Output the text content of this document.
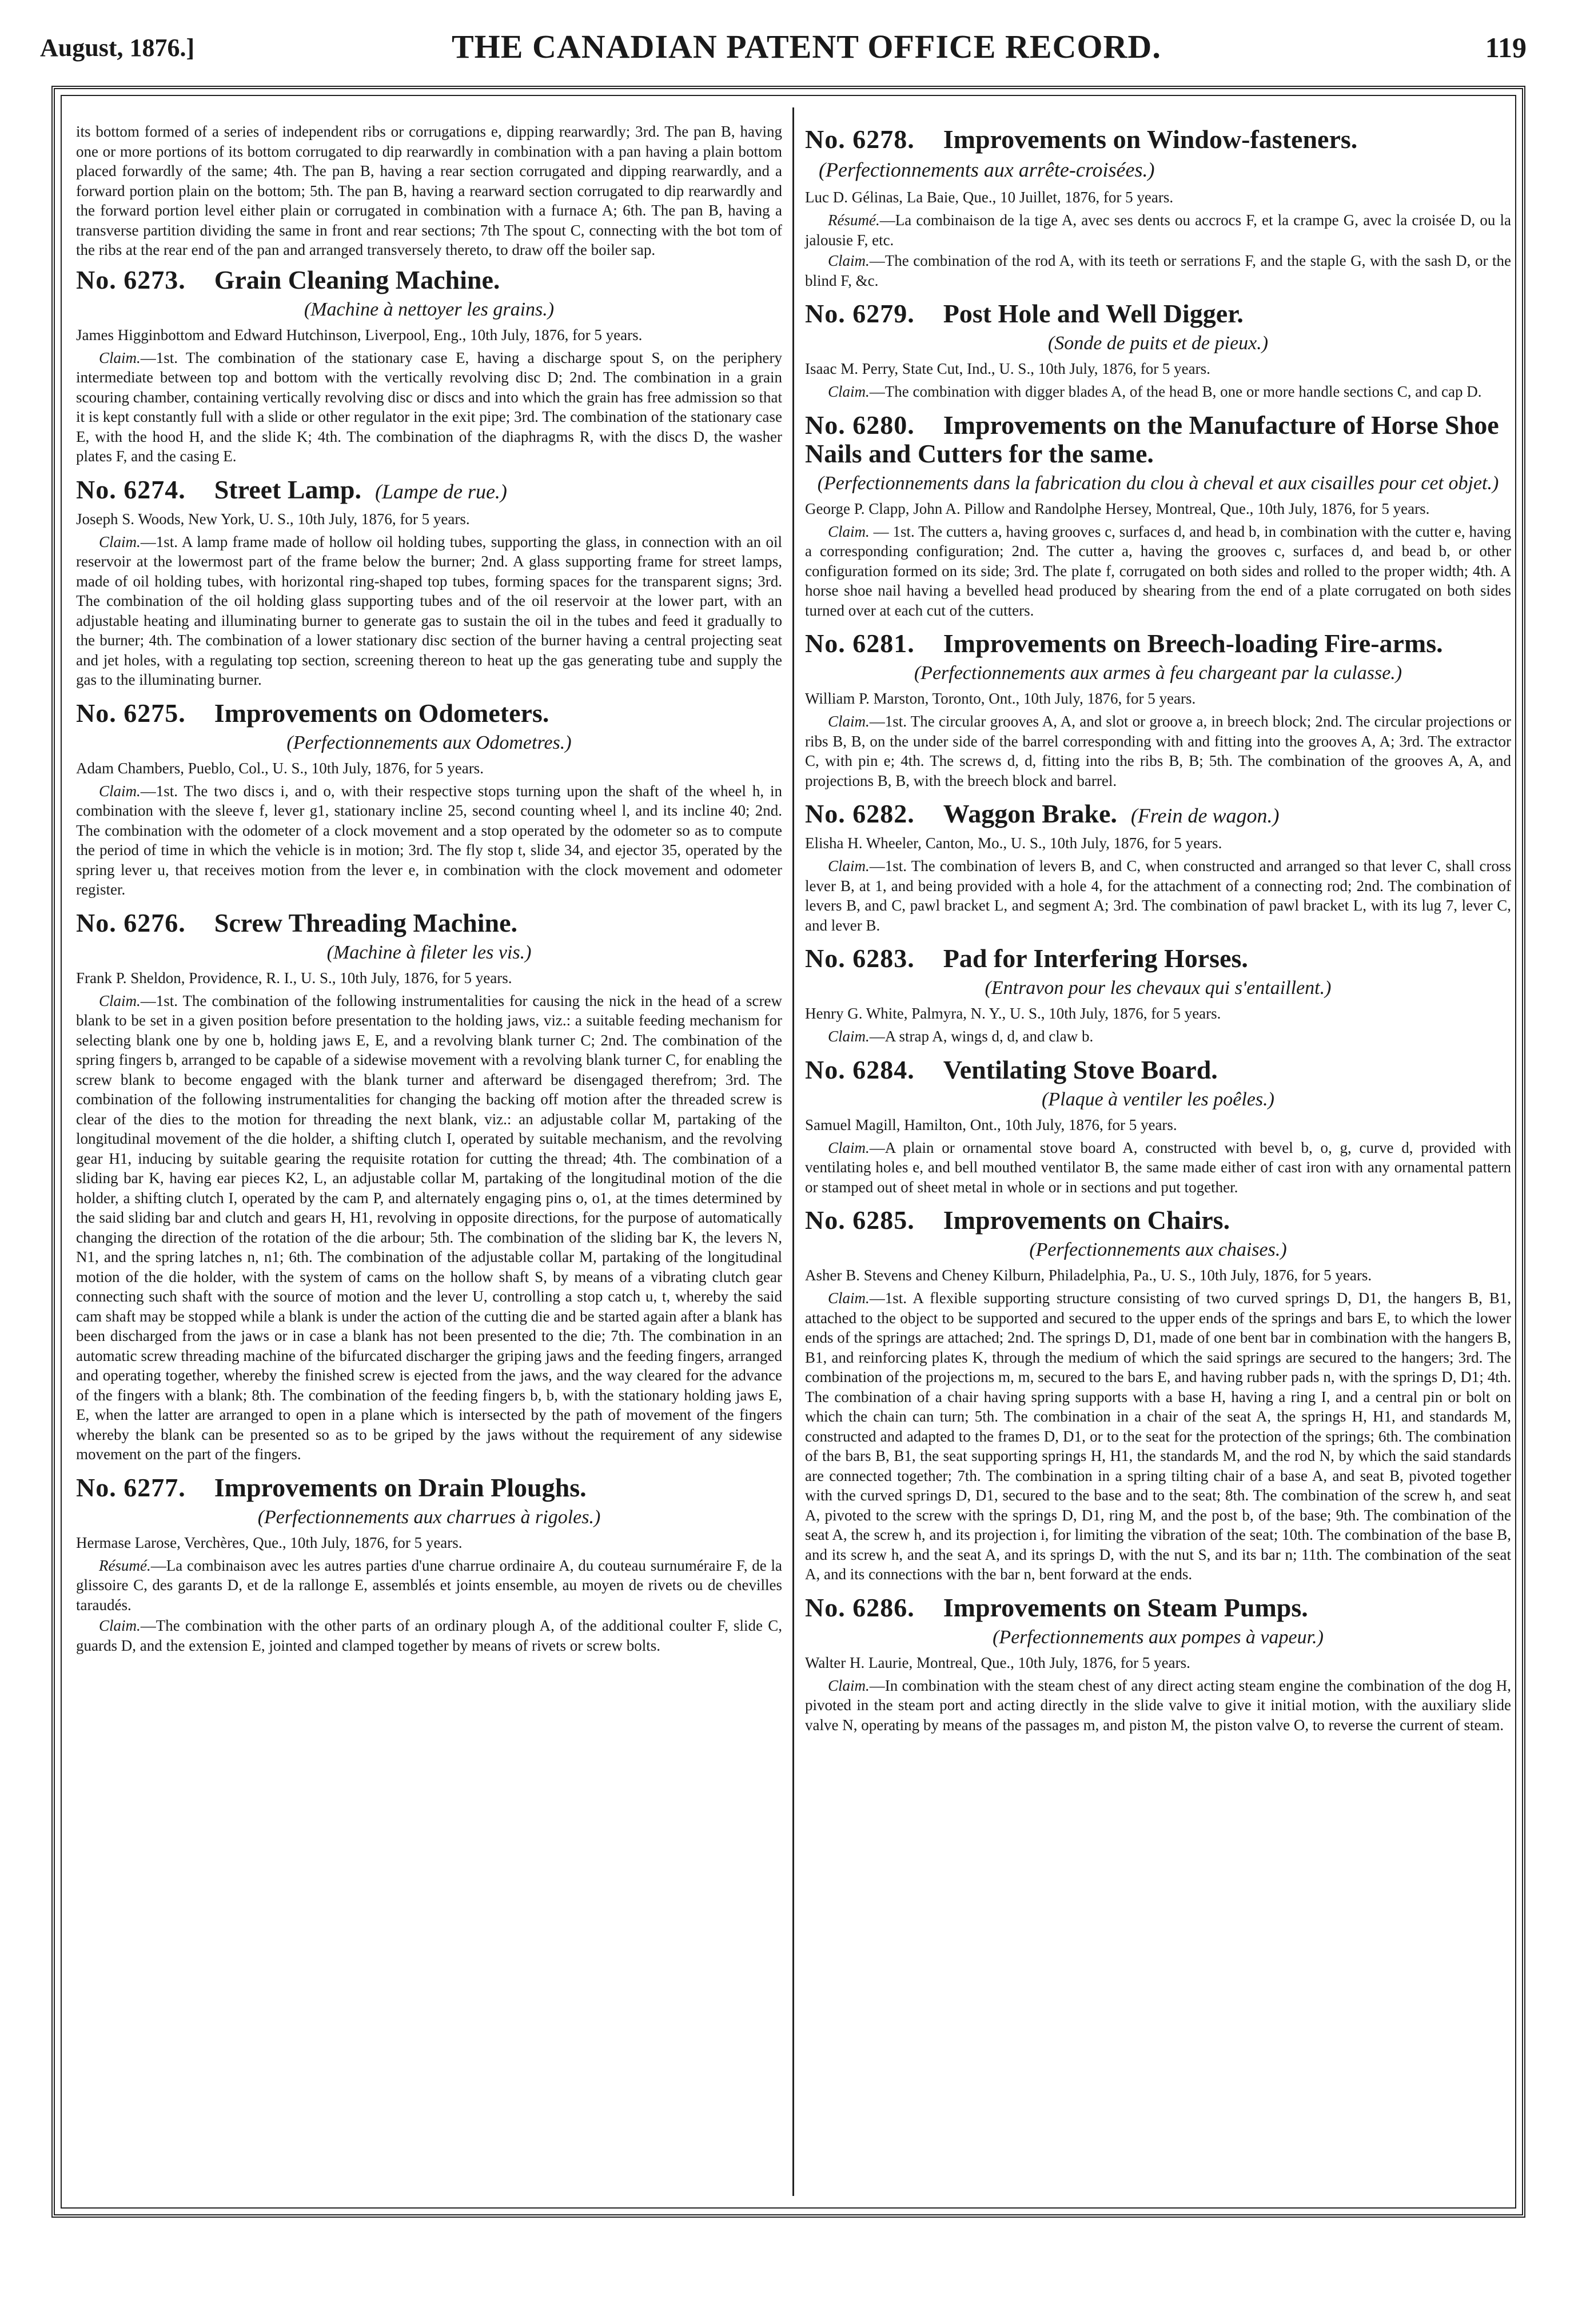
August, 1876.]	THE CANADIAN PATENT OFFICE RECORD.	119

its bottom formed of a series of independent ribs or corrugations e, dipping rearwardly; 3rd. The pan B, having one or more portions of its bottom corrugated to dip rearwardly in combination with a pan having a plain bottom placed forwardly of the same; 4th. The pan B, having a rear section corrugated and dipping rearwardly, and a forward portion plain on the bottom; 5th. The pan B, having a rearward section corrugated to dip rearwardly and the forward portion level either plain or corrugated in combination with a furnace A; 6th. The pan B, having a transverse partition dividing the same in front and rear sections; 7th The spout C, connecting with the bot tom of the ribs at the rear end of the pan and arranged transversely thereto, to draw off the boiler sap.

No. 6273. Grain Cleaning Machine.
(Machine à nettoyer les grains.)
James Higginbottom and Edward Hutchinson, Liverpool, Eng., 10th July, 1876, for 5 years.

Claim.—1st. The combination of the stationary case E, having a discharge spout S, on the periphery intermediate between top and bottom with the vertically revolving disc D; 2nd. The combination in a grain scouring chamber, containing vertically revolving disc or discs and into which the grain has free admission so that it is kept constantly full with a slide or other regulator in the exit pipe; 3rd. The combination of the stationary case E, with the hood H, and the slide K; 4th. The combination of the diaphragms R, with the discs D, the washer plates F, and the casing E.

No. 6274. Street Lamp. (Lampe de rue.)
Joseph S. Woods, New York, U. S., 10th July, 1876, for 5 years.

Claim.—1st. A lamp frame made of hollow oil holding tubes, supporting the glass, in connection with an oil reservoir at the lowermost part of the frame below the burner; 2nd. A glass supporting frame for street lamps, made of oil holding tubes, with horizontal ring-shaped top tubes, forming spaces for the transparent signs; 3rd. The combination of the oil holding glass supporting tubes and of the oil reservoir at the lower part, with an adjustable heating and illuminating burner to generate gas to sustain the oil in the tubes and feed it gradually to the burner; 4th. The combination of a lower stationary disc section of the burner having a central projecting seat and jet holes, with a regulating top section, screening thereon to heat up the gas generating tube and supply the gas to the illuminating burner.

No. 6275. Improvements on Odometers.
(Perfectionnements aux Odometres.)
Adam Chambers, Pueblo, Col., U. S., 10th July, 1876, for 5 years.

Claim.—1st. The two discs i, and o, with their respective stops turning upon the shaft of the wheel h, in combination with the sleeve f, lever g1, stationary incline 25, second counting wheel l, and its incline 40; 2nd. The combination with the odometer of a clock movement and a stop operated by the odometer so as to compute the period of time in which the vehicle is in motion; 3rd. The fly stop t, slide 34, and ejector 35, operated by the spring lever u, that receives motion from the lever e, in combination with the clock movement and odometer register.

No. 6276. Screw Threading Machine.
(Machine à fileter les vis.)
Frank P. Sheldon, Providence, R. I., U. S., 10th July, 1876, for 5 years.

Claim.—1st. The combination of the following instrumentalities for causing the nick in the head of a screw blank to be set in a given position before presentation to the holding jaws, viz.: a suitable feeding mechanism for selecting blank one by one b, holding jaws E, E, and a revolving blank turner C; 2nd. The combination of the spring fingers b, arranged to be capable of a sidewise movement with a revolving blank turner C, for enabling the screw blank to become engaged with the blank turner and afterward be disengaged therefrom; 3rd. The combination of the following instrumentalities for changing the backing off motion after the threaded screw is clear of the dies to the motion for threading the next blank, viz.: an adjustable collar M, partaking of the longitudinal movement of the die holder, a shifting clutch I, operated by suitable mechanism, and the revolving gear H1, inducing by suitable gearing the requisite rotation for cutting the thread; 4th. The combination of a sliding bar K, having ear pieces K2, L, an adjustable collar M, partaking of the longitudinal motion of the die holder, a shifting clutch I, operated by the cam P, and alternately engaging pins o, o1, at the times determined by the said sliding bar and clutch and gears H, H1, revolving in opposite directions, for the purpose of automatically changing the direction of the rotation of the die arbour; 5th. The combination of the sliding bar K, the levers N, N1, and the spring latches n, n1; 6th. The combination of the adjustable collar M, partaking of the longitudinal motion of the die holder, with the system of cams on the hollow shaft S, by means of a vibrating clutch gear connecting such shaft with the source of motion and the lever U, controlling a stop catch u, t, whereby the said cam shaft may be stopped while a blank is under the action of the cutting die and be started again after a blank has been discharged from the jaws or in case a blank has not been presented to the die; 7th. The combination in an automatic screw threading machine of the bifurcated discharger the griping jaws and the feeding fingers, arranged and operating together, whereby the finished screw is ejected from the jaws, and the way cleared for the advance of the fingers with a blank; 8th. The combination of the feeding fingers b, b, with the stationary holding jaws E, E, when the latter are arranged to open in a plane which is intersected by the path of movement of the fingers whereby the blank can be presented so as to be griped by the jaws without the requirement of any sidewise movement on the part of the fingers.

No. 6277. Improvements on Drain Ploughs.
(Perfectionnements aux charrues à rigoles.)
Hermase Larose, Verchères, Que., 10th July, 1876, for 5 years.

Résumé.—La combinaison avec les autres parties d'une charrue ordinaire A, du couteau surnuméraire F, de la glissoire C, des garants D, et de la rallonge E, assemblés et joints ensemble, au moyen de rivets ou de chevilles taraudés.

Claim.—The combination with the other parts of an ordinary plough A, of the additional coulter F, slide C, guards D, and the extension E, jointed and clamped together by means of rivets or screw bolts.

No. 6278. Improvements on Window-fasteners.(Perfectionnements aux arrête-croisées.)
Luc D. Gélinas, La Baie, Que., 10 Juillet, 1876, for 5 years.

Résumé.—La combinaison de la tige A, avec ses dents ou accrocs F, et la crampe G, avec la croisée D, ou la jalousie F, etc.

Claim.—The combination of the rod A, with its teeth or serrations F, and the staple G, with the sash D, or the blind F, &c.

No. 6279. Post Hole and Well Digger.
(Sonde de puits et de pieux.)
Isaac M. Perry, State Cut, Ind., U. S., 10th July, 1876, for 5 years.

Claim.—The combination with digger blades A, of the head B, one or more handle sections C, and cap D.

No. 6280. Improvements on the Manufacture of Horse Shoe Nails and Cutters for the same.
(Perfectionnements dans la fabrication du clou à cheval et aux cisailles pour cet objet.)
George P. Clapp, John A. Pillow and Randolphe Hersey, Montreal, Que., 10th July, 1876, for 5 years.

Claim. — 1st. The cutters a, having grooves c, surfaces d, and head b, in combination with the cutter e, having a corresponding configuration; 2nd. The cutter a, having the grooves c, surfaces d, and bead b, or other configuration formed on its side; 3rd. The plate f, corrugated on both sides and rolled to the proper width; 4th. A horse shoe nail having a bevelled head produced by shearing from the end of a plate corrugated on both sides turned over at each cut of the cutters.

No. 6281. Improvements on Breech-loading Fire-arms.
(Perfectionnements aux armes à feu chargeant par la culasse.)
William P. Marston, Toronto, Ont., 10th July, 1876, for 5 years.

Claim.—1st. The circular grooves A, A, and slot or groove a, in breech block; 2nd. The circular projections or ribs B, B, on the under side of the barrel corresponding with and fitting into the grooves A, A; 3rd. The extractor C, with pin e; 4th. The screws d, d, fitting into the ribs B, B; 5th. The combination of the grooves A, A, and projections B, B, with the breech block and barrel.

No. 6282. Waggon Brake. (Frein de wagon.)
Elisha H. Wheeler, Canton, Mo., U. S., 10th July, 1876, for 5 years.

Claim.—1st. The combination of levers B, and C, when constructed and arranged so that lever C, shall cross lever B, at 1, and being provided with a hole 4, for the attachment of a connecting rod; 2nd. The combination of levers B, and C, pawl bracket L, and segment A; 3rd. The combination of pawl bracket L, with its lug 7, lever C, and lever B.

No. 6283. Pad for Interfering Horses.
(Entravon pour les chevaux qui s'entaillent.)
Henry G. White, Palmyra, N. Y., U. S., 10th July, 1876, for 5 years.

Claim.—A strap A, wings d, d, and claw b.

No. 6284. Ventilating Stove Board.
(Plaque à ventiler les poêles.)
Samuel Magill, Hamilton, Ont., 10th July, 1876, for 5 years.

Claim.—A plain or ornamental stove board A, constructed with bevel b, o, g, curve d, provided with ventilating holes e, and bell mouthed ventilator B, the same made either of cast iron with any ornamental pattern or stamped out of sheet metal in whole or in sections and put together.

No. 6285. Improvements on Chairs.
(Perfectionnements aux chaises.)
Asher B. Stevens and Cheney Kilburn, Philadelphia, Pa., U. S., 10th July, 1876, for 5 years.

Claim.—1st. A flexible supporting structure consisting of two curved springs D, D1, the hangers B, B1, attached to the object to be supported and secured to the upper ends of the springs and bars E, to which the lower ends of the springs are attached; 2nd. The springs D, D1, made of one bent bar in combination with the hangers B, B1, and reinforcing plates K, through the medium of which the said springs are secured to the hangers; 3rd. The combination of the projections m, m, secured to the bars E, and having rubber pads n, with the springs D, D1; 4th. The combination of a chair having spring supports with a base H, having a ring I, and a central pin or bolt on which the chain can turn; 5th. The combination in a chair of the seat A, the springs H, H1, and standards M, constructed and adapted to the frames D, D1, or to the seat for the protection of the springs; 6th. The combination of the bars B, B1, the seat supporting springs H, H1, the standards M, and the rod N, by which the said standards are connected together; 7th. The combination in a spring tilting chair of a base A, and seat B, pivoted together with the curved springs D, D1, secured to the base and to the seat; 8th. The combination of the screw h, and seat A, pivoted to the screw with the springs D, D1, ring M, and the post b, of the base; 9th. The combination of the seat A, the screw h, and its projection i, for limiting the vibration of the seat; 10th. The combination of the base B, and its screw h, and the seat A, and its springs D, with the nut S, and its bar n; 11th. The combination of the seat A, and its connections with the bar n, bent forward at the ends.

No. 6286. Improvements on Steam Pumps.
(Perfectionnements aux pompes à vapeur.)
Walter H. Laurie, Montreal, Que., 10th July, 1876, for 5 years.

Claim.—In combination with the steam chest of any direct acting steam engine the combination of the dog H, pivoted in the steam port and acting directly in the slide valve to give it initial motion, with the auxiliary slide valve N, operating by means of the passages m, and piston M, the piston valve O, to reverse the current of steam.
